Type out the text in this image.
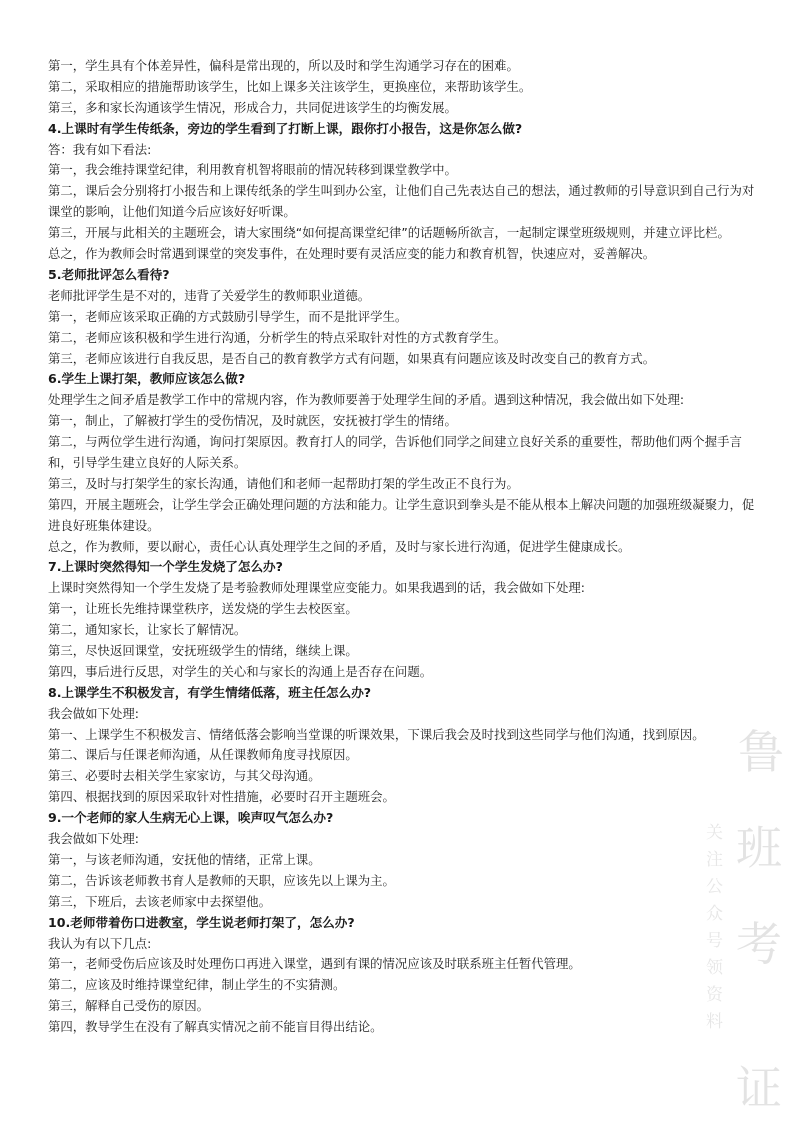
第一，学生具有个体差异性，偏科是常出现的，所以及时和学生沟通学习存在的困难。
第二，采取相应的措施帮助该学生，比如上课多关注该学生，更换座位，来帮助该学生。
第三，多和家长沟通该学生情况，形成合力，共同促进该学生的均衡发展。
4.上课时有学生传纸条，旁边的学生看到了打断上课，跟你打小报告，这是你怎么做?
答：我有如下看法:
第一，我会维持课堂纪律，利用教育机智将眼前的情况转移到课堂教学中。
第二，课后会分别将打小报告和上课传纸条的学生叫到办公室，让他们自己先表达自己的想法，通过教师的引导意识到自己行为对课堂的影响，让他们知道今后应该好好听课。
第三，开展与此相关的主题班会，请大家围绕“如何提高课堂纪律”的话题畅所欲言，一起制定课堂班级规则，并建立评比栏。
总之，作为教师会时常遇到课堂的突发事件，在处理时要有灵活应变的能力和教育机智，快速应对，妥善解决。
5.老师批评怎么看待?
老师批评学生是不对的，违背了关爱学生的教师职业道德。
第一，老师应该采取正确的方式鼓励引导学生，而不是批评学生。
第二，老师应该积极和学生进行沟通，分析学生的特点采取针对性的方式教育学生。
第三，老师应该进行自我反思，是否自己的教育教学方式有问题，如果真有问题应该及时改变自己的教育方式。
6.学生上课打架，教师应该怎么做?
处理学生之间矛盾是教学工作中的常规内容，作为教师要善于处理学生间的矛盾。遇到这种情况，我会做出如下处理:
第一，制止，了解被打学生的受伤情况，及时就医，安抚被打学生的情绪。
第二，与两位学生进行沟通，询问打架原因。教育打人的同学，告诉他们同学之间建立良好关系的重要性，帮助他们两个握手言和，引导学生建立良好的人际关系。
第三，及时与打架学生的家长沟通，请他们和老师一起帮助打架的学生改正不良行为。
第四，开展主题班会，让学生学会正确处理问题的方法和能力。让学生意识到拳头是不能从根本上解决问题的加强班级凝聚力，促进良好班集体建设。
总之，作为教师，要以耐心，责任心认真处理学生之间的矛盾，及时与家长进行沟通，促进学生健康成长。
7.上课时突然得知一个学生发烧了怎么办?
上课时突然得知一个学生发烧了是考验教师处理课堂应变能力。如果我遇到的话，我会做如下处理:
第一，让班长先维持课堂秩序，送发烧的学生去校医室。
第二，通知家长，让家长了解情况。
第三，尽快返回课堂，安抚班级学生的情绪，继续上课。
第四，事后进行反思，对学生的关心和与家长的沟通上是否存在问题。
8.上课学生不积极发言，有学生情绪低落，班主任怎么办?
我会做如下处理:
第一、上课学生不积极发言、情绪低落会影响当堂课的听课效果，下课后我会及时找到这些同学与他们沟通，找到原因。
第二、课后与任课老师沟通，从任课教师角度寻找原因。
第三、必要时去相关学生家家访，与其父母沟通。
第四、根据找到的原因采取针对性措施，必要时召开主题班会。
9.一个老师的家人生病无心上课，唉声叹气怎么办?
我会做如下处理:
第一，与该老师沟通，安抚他的情绪，正常上课。
第二，告诉该老师教书育人是教师的天职，应该先以上课为主。
第三，下班后，去该老师家中去探望他。
10.老师带着伤口进教室，学生说老师打架了，怎么办?
我认为有以下几点:
第一，老师受伤后应该及时处理伤口再进入课堂，遇到有课的情况应该及时联系班主任暂代管理。
第二，应该及时维持课堂纪律，制止学生的不实猜测。
第三，解释自己受伤的原因。
第四，教导学生在没有了解真实情况之前不能盲目得出结论。
鲁
班
考
证
关注公众号领资料
